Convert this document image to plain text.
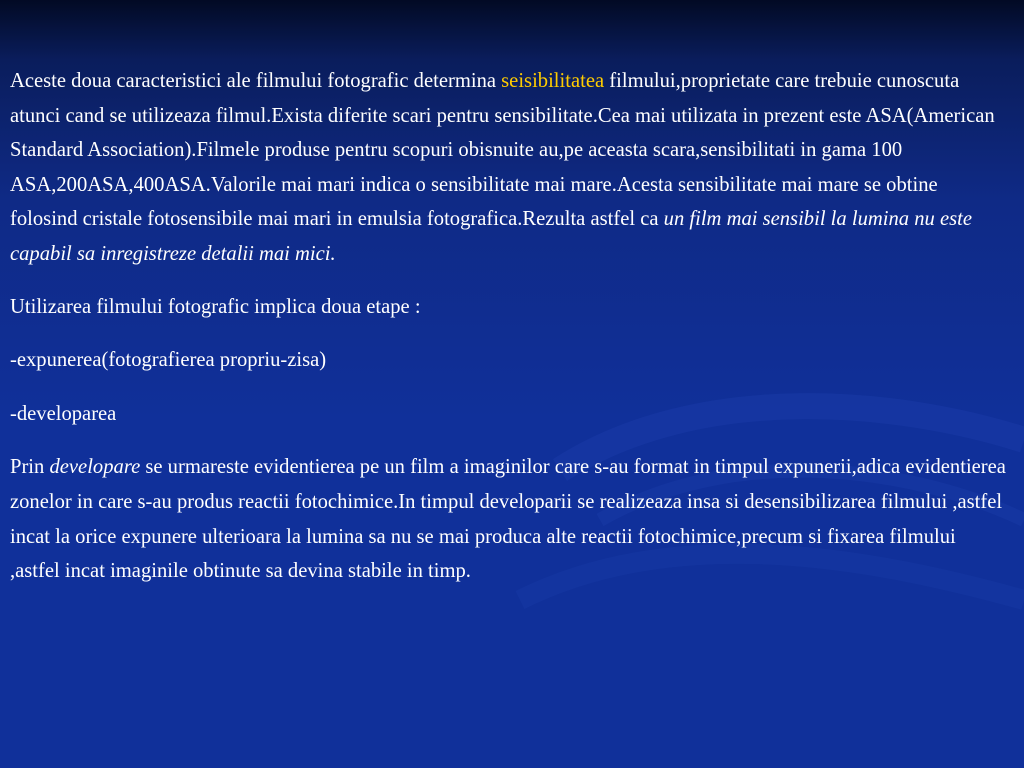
Aceste doua caracteristici ale filmului fotografic determina seisibilitatea filmului,proprietate care trebuie cunoscuta atunci cand se utilizeaza filmul.Exista diferite scari pentru sensibilitate.Cea mai utilizata in prezent este ASA(American Standard Association).Filmele produse pentru scopuri obisnuite au,pe aceasta scara,sensibilitati in gama 100 ASA,200ASA,400ASA.Valorile mai mari indica o sensibilitate mai mare.Acesta sensibilitate mai mare se obtine folosind cristale fotosensibile mai mari in emulsia fotografica.Rezulta astfel ca un film mai sensibil la lumina nu este capabil sa inregistreze detalii mai mici.

Utilizarea filmului fotografic implica doua etape :

-expunerea(fotografierea propriu-zisa)

-developarea

Prin developare se urmareste evidentierea pe un film a imaginilor care s-au format in timpul expunerii,adica evidentierea zonelor in care s-au produs reactii fotochimice.In timpul developarii se realizeaza insa si desensibilizarea filmului ,astfel incat la orice expunere ulterioara la lumina sa nu se mai produca alte reactii fotochimice,precum si fixarea filmului ,astfel incat imaginile obtinute sa devina stabile in timp.
